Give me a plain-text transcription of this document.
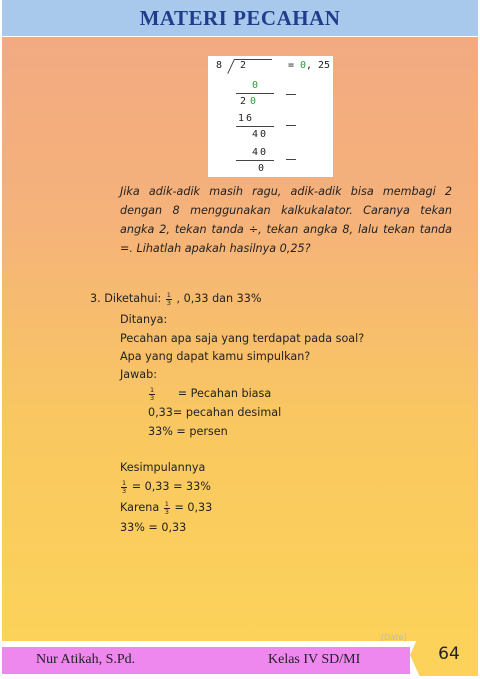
MATERI PECAHAN
8 2	= 0 , 25
0
2 0
16
40
40
0
Jika adik-adik masih ragu, adik-adik bisa membagi 2 dengan 8 menggunakan kalkukalator. Caranya tekan angka 2, tekan tanda ÷, tekan angka 8, lalu tekan tanda =. Lihatlah apakah hasilnya 0,25?
3. Diketahui: $\frac{1}{3}$ , 0,33 dan 33%
Ditanya:
Pecahan apa saja yang terdapat pada soal?
Apa yang dapat kamu simpulkan?
Jawab:
$\frac{1}{3}$ = Pecahan biasa
0,33= pecahan desimal
33% = persen
Kesimpulannya
$\frac{1}{3} = 0,33 = 33\%$
Karena $\frac{1}{3} = 0,33$
33% = 0,33
[Date]
Nur Atikah, S.Pd.	Kelas IV SD/MI	64
